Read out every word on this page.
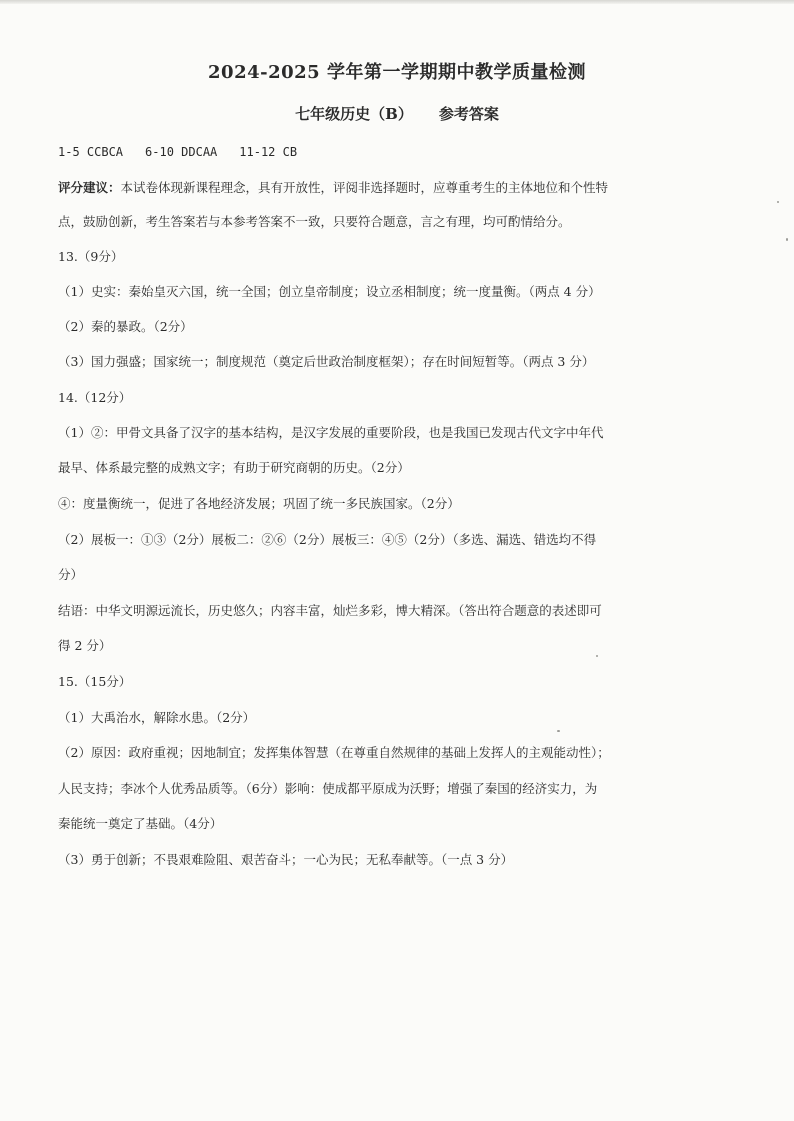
2024-2025 学年第一学期期中教学质量检测
七年级历史（B） 参考答案

1-5 CCBCA 6-10 DDCAA 11-12 CB

评分建议：本试卷体现新课程理念，具有开放性，评阅非选择题时，应尊重考生的主体地位和个性特

点，鼓励创新，考生答案若与本参考答案不一致，只要符合题意，言之有理，均可酌情给分。

13.（9分）

（1）史实：秦始皇灭六国，统一全国；创立皇帝制度；设立丞相制度；统一度量衡。（两点 4 分）

（2）秦的暴政。（2分）

（3）国力强盛；国家统一；制度规范（奠定后世政治制度框架）；存在时间短暂等。（两点 3 分）

14.（12分）

（1）②：甲骨文具备了汉字的基本结构，是汉字发展的重要阶段，也是我国已发现古代文字中年代

最早、体系最完整的成熟文字；有助于研究商朝的历史。（2分）

④：度量衡统一，促进了各地经济发展；巩固了统一多民族国家。（2分）

（2）展板一：①③（2分）展板二：②⑥（2分）展板三：④⑤（2分）（多选、漏选、错选均不得

分）

结语：中华文明源远流长，历史悠久；内容丰富，灿烂多彩，博大精深。（答出符合题意的表述即可

得 2 分）

15.（15分）

（1）大禹治水，解除水患。（2分）

（2）原因：政府重视；因地制宜；发挥集体智慧（在尊重自然规律的基础上发挥人的主观能动性）；

人民支持；李冰个人优秀品质等。（6分）影响：使成都平原成为沃野；增强了秦国的经济实力，为

秦能统一奠定了基础。（4分）

（3）勇于创新；不畏艰难险阻、艰苦奋斗；一心为民；无私奉献等。（一点 3 分）
